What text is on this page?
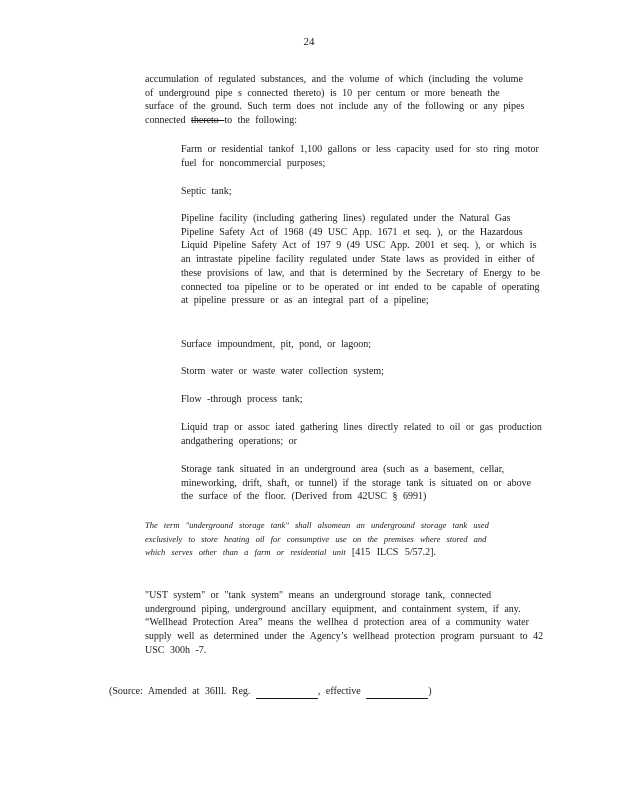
24

accumulation of regulated substances, and the volume of which (including the volume of underground pipe s connected thereto) is 10 per centum or more beneath the surface of the ground. Such term does not include any of the following or any pipes connected thereto to the following:

Farm or residential tankof 1,100 gallons or less capacity used for sto ring motor fuel for noncommercial purposes;

Septic tank;

Pipeline facility (including gathering lines) regulated under the Natural Gas Pipeline Safety Act of 1968 (49 USC App. 1671 et seq. ), or the Hazardous Liquid Pipeline Safety Act of 197 9 (49 USC App. 2001 et seq. ), or which is an intrastate pipeline facility regulated under State laws as provided in either of these provisions of law, and that is determined by the Secretary of Energy to be connected toa pipeline or to be operated or int ended to be capable of operating at pipeline pressure or as an integral part of a pipeline;

Surface impoundment, pit, pond, or lagoon;

Storm water or waste water collection system;

Flow -through process tank;

Liquid trap or assoc iated gathering lines directly related to oil or gas production andgathering operations; or

Storage tank situated in an underground area (such as a basement, cellar, mineworking, drift, shaft, or tunnel) if the storage tank is situated on or above the surface of the floor. (Derived from 42USC § 6991)

The term "underground storage tank" shall alsomean an underground storage tank used exclusively to store heating oil for consumptive use on the premises where stored and which serves other than a farm or residential unit [415 ILCS 5/57.2].

"UST system" or "tank system" means an underground storage tank, connected underground piping, underground ancillary equipment, and containment system, if any.

“Wellhead Protection Area” means the wellhea d protection area of a community water supply well as determined under the Agency’s wellhead protection program pursuant to 42 USC 300h -7.

(Source: Amended at 36Ill. Reg.	, effective	)
